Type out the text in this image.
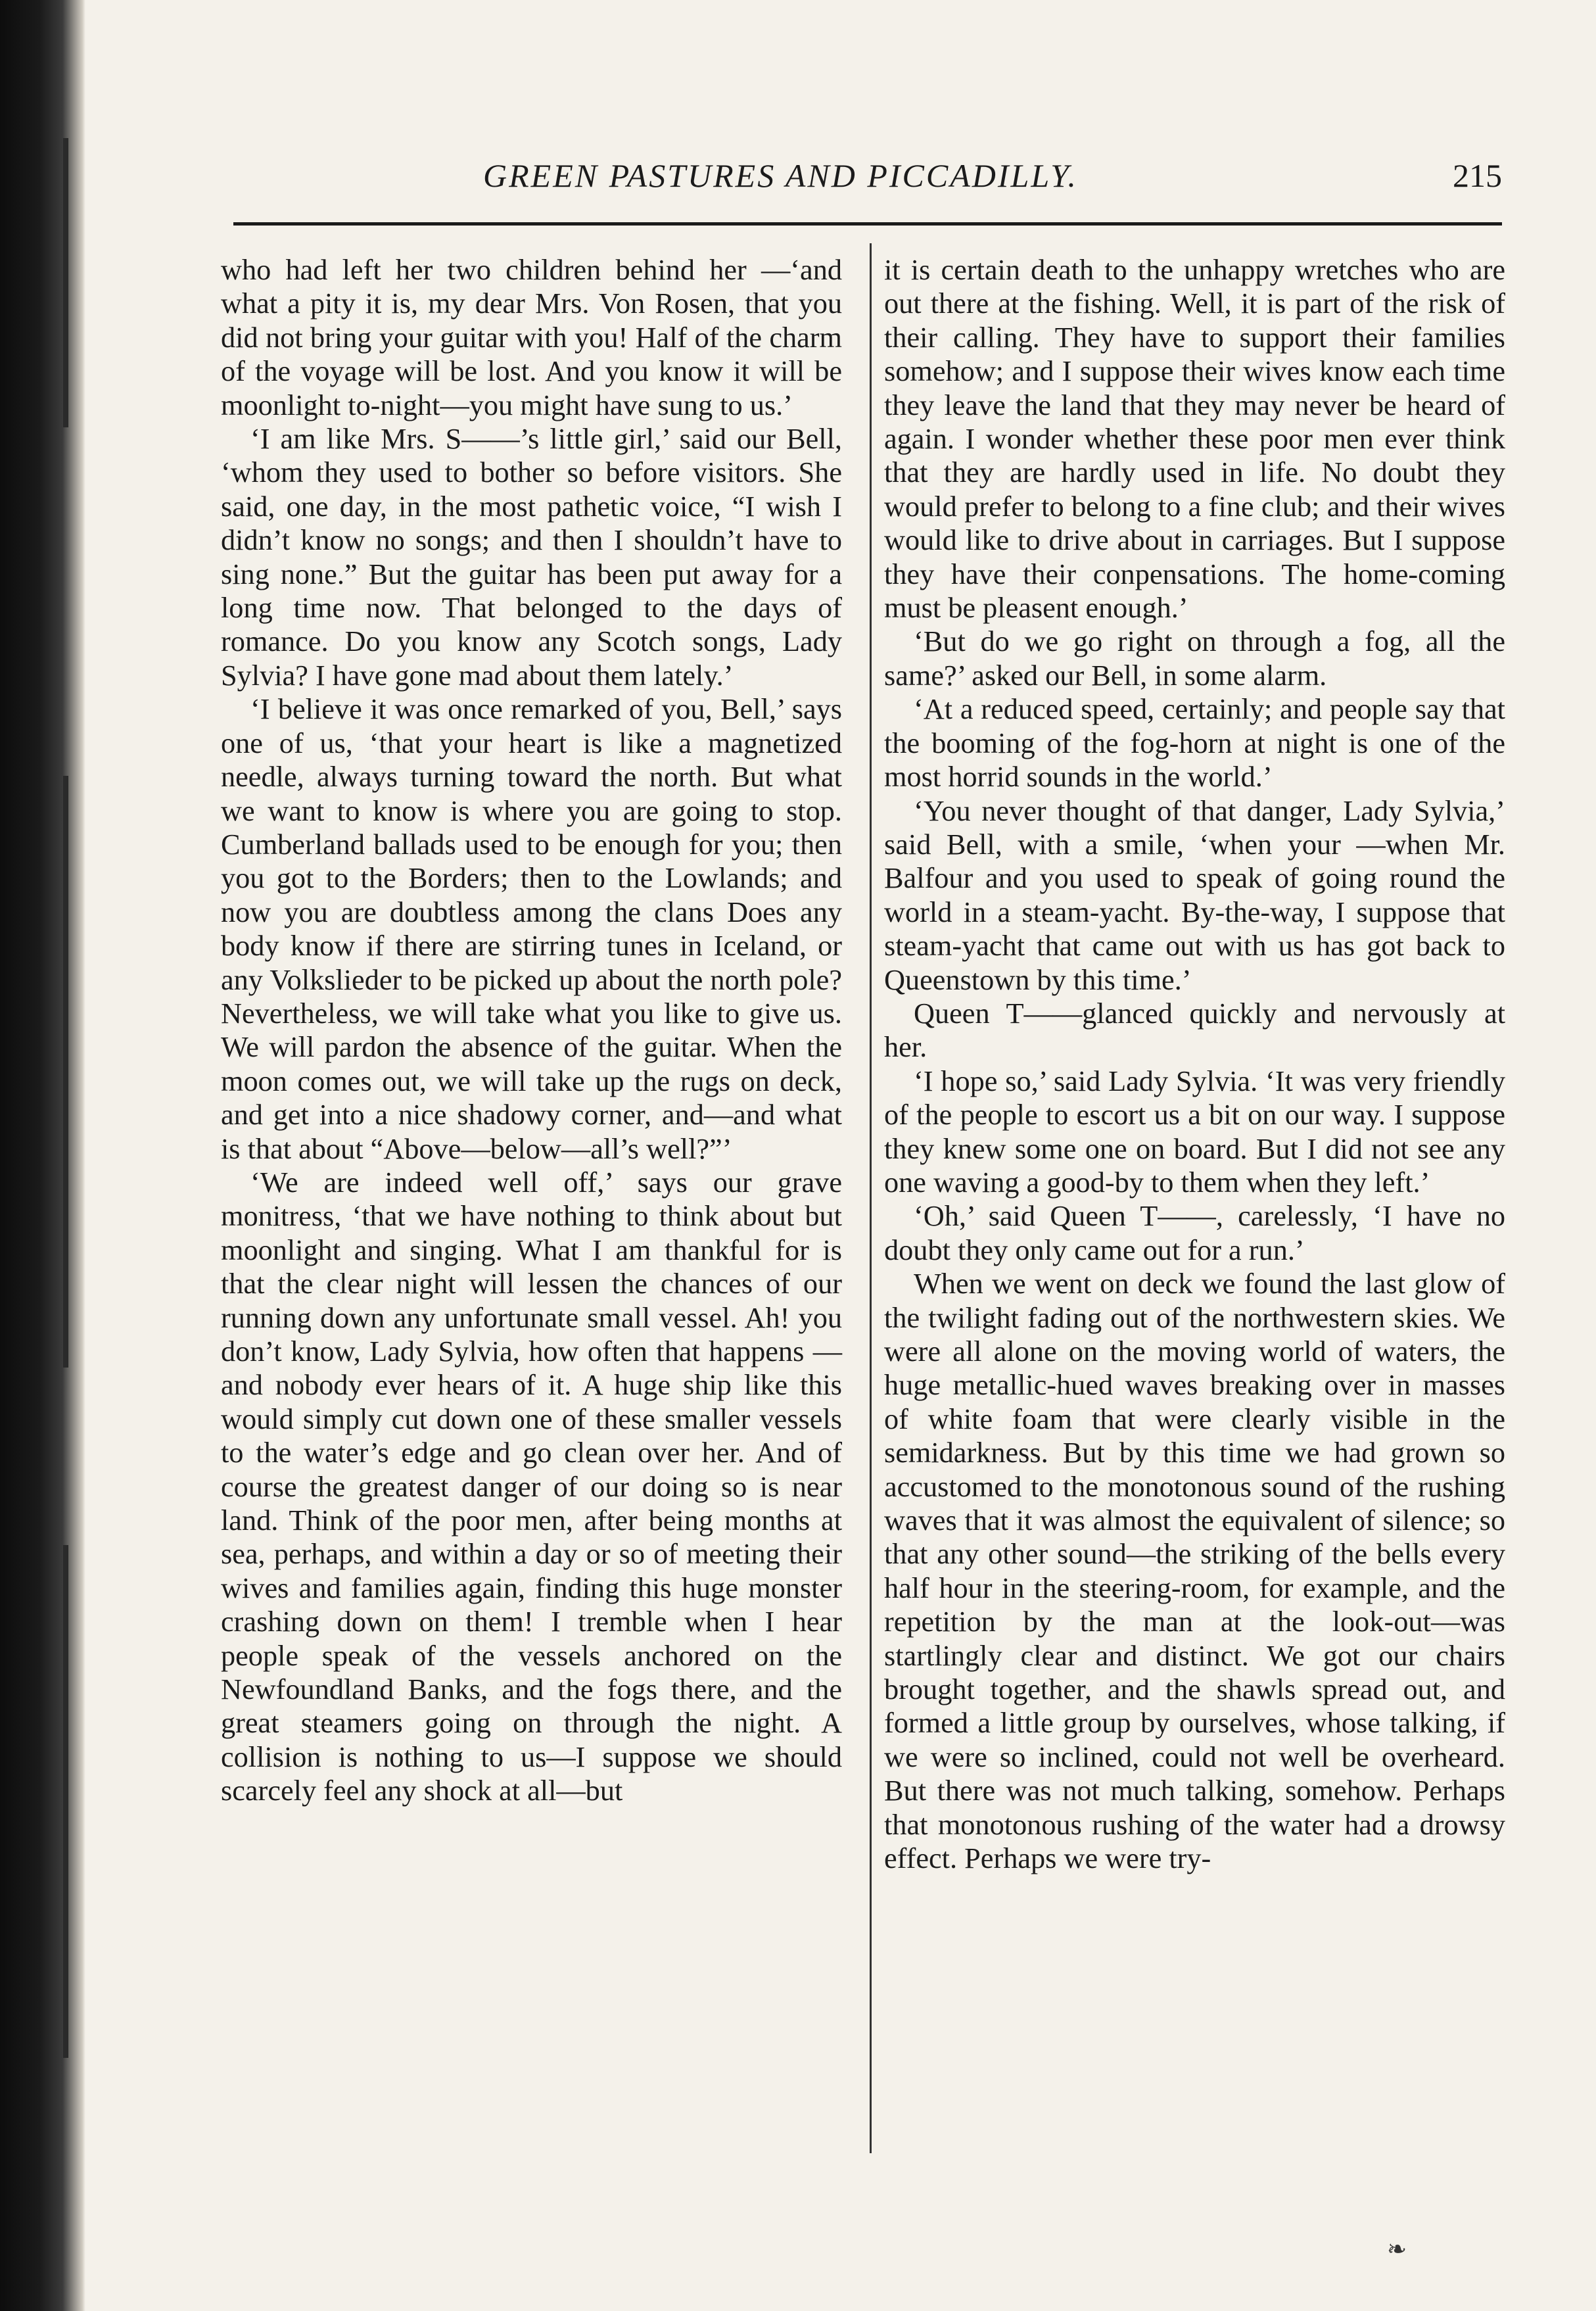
GREEN PASTURES AND PICCADILLY.	215

who had left her two children behind her —‘and what a pity it is, my dear Mrs. Von Rosen, that you did not bring your guitar with you! Half of the charm of the voyage will be lost. And you know it will be moonlight to-night—you might have sung to us.’

‘I am like Mrs. S——’s little girl,’ said our Bell, ‘whom they used to bother so before visitors. She said, one day, in the most pathetic voice, “I wish I didn’t know no songs; and then I shouldn’t have to sing none.” But the guitar has been put away for a long time now. That belonged to the days of romance. Do you know any Scotch songs, Lady Sylvia? I have gone mad about them lately.’

‘I believe it was once remarked of you, Bell,’ says one of us, ‘that your heart is like a magnetized needle, always turning toward the north. But what we want to know is where you are going to stop. Cumberland ballads used to be enough for you; then you got to the Borders; then to the Lowlands; and now you are doubtless among the clans Does any body know if there are stirring tunes in Iceland, or any Volkslieder to be picked up about the north pole? Nevertheless, we will take what you like to give us. We will pardon the absence of the guitar. When the moon comes out, we will take up the rugs on deck, and get into a nice shadowy corner, and—and what is that about “Above—below—all’s well?”’

‘We are indeed well off,’ says our grave monitress, ‘that we have nothing to think about but moonlight and singing. What I am thankful for is that the clear night will lessen the chances of our running down any unfortunate small vessel. Ah! you don’t know, Lady Sylvia, how often that happens —and nobody ever hears of it. A huge ship like this would simply cut down one of these smaller vessels to the water’s edge and go clean over her. And of course the greatest danger of our doing so is near land. Think of the poor men, after being months at sea, perhaps, and within a day or so of meeting their wives and families again, finding this huge monster crashing down on them! I tremble when I hear people speak of the vessels anchored on the Newfoundland Banks, and the fogs there, and the great steamers going on through the night. A collision is nothing to us—I suppose we should scarcely feel any shock at all—but

it is certain death to the unhappy wretches who are out there at the fishing. Well, it is part of the risk of their calling. They have to support their families somehow; and I suppose their wives know each time they leave the land that they may never be heard of again. I wonder whether these poor men ever think that they are hardly used in life. No doubt they would prefer to belong to a fine club; and their wives would like to drive about in carriages. But I suppose they have their conpensations. The home-coming must be pleasent enough.’

‘But do we go right on through a fog, all the same?’ asked our Bell, in some alarm.

‘At a reduced speed, certainly; and people say that the booming of the fog-horn at night is one of the most horrid sounds in the world.’

‘You never thought of that danger, Lady Sylvia,’ said Bell, with a smile, ‘when your —when Mr. Balfour and you used to speak of going round the world in a steam-yacht. By-the-way, I suppose that steam-yacht that came out with us has got back to Queenstown by this time.’

Queen T——glanced quickly and nervously at her.

‘I hope so,’ said Lady Sylvia. ‘It was very friendly of the people to escort us a bit on our way. I suppose they knew some one on board. But I did not see any one waving a good-by to them when they left.’

‘Oh,’ said Queen T——, carelessly, ‘I have no doubt they only came out for a run.’

When we went on deck we found the last glow of the twilight fading out of the northwestern skies. We were all alone on the moving world of waters, the huge metallic-hued waves breaking over in masses of white foam that were clearly visible in the semidarkness. But by this time we had grown so accustomed to the monotonous sound of the rushing waves that it was almost the equivalent of silence; so that any other sound—the striking of the bells every half hour in the steering-room, for example, and the repetition by the man at the look-out—was startlingly clear and distinct. We got our chairs brought together, and the shawls spread out, and formed a little group by ourselves, whose talking, if we were so inclined, could not well be overheard. But there was not much talking, somehow. Perhaps that monotonous rushing of the water had a drowsy effect. Perhaps we were try-

❧
